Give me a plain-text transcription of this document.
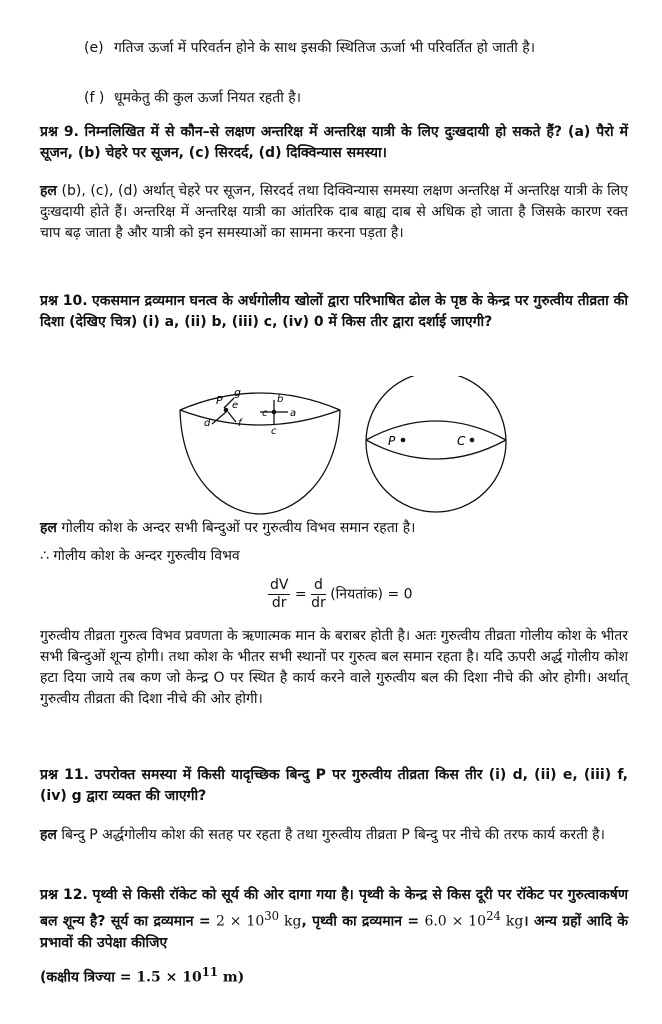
(e) गतिज ऊर्जा में परिवर्तन होने के साथ इसकी स्थितिज ऊर्जा भी परिवर्तित हो जाती है।
(f ) धूमकेतु की कुल ऊर्जा नियत रहती है।
प्रश्न 9. निम्नलिखित में से कौन–से लक्षण अन्तरिक्ष में अन्तरिक्ष यात्री के लिए दुःखदायी हो सकते हैं? (a) पैरो में सूजन, (b) चेहरे पर सूजन, (c) सिरदर्द, (d) दिक्विन्यास समस्या।
हल (b), (c), (d) अर्थात् चेहरे पर सूजन, सिरदर्द तथा दिक्विन्यास समस्या लक्षण अन्तरिक्ष में अन्तरिक्ष यात्री के लिए दुःखदायी होते हैं। अन्तरिक्ष में अन्तरिक्ष यात्री का आंतरिक दाब बाह्य दाब से अधिक हो जाता है जिसके कारण रक्त चाप बढ़ जाता है और यात्री को इन समस्याओं का सामना करना पड़ता है।
प्रश्न 10. एकसमान द्रव्यमान घनत्व के अर्धगोलीय खोलों द्वारा परिभाषित ढोल के पृष्ठ के केन्द्र पर गुरुत्वीय तीव्रता की दिशा (देखिए चित्र) (i) a, (ii) b, (iii) c, (iv) 0 में किस तीर द्वारा दर्शाई जाएगी?
P
g
e
f
d
c
b
a
c
P	C
हल गोलीय कोश के अन्दर सभी बिन्दुओं पर गुरुत्वीय विभव समान रहता है।
∴ गोलीय कोश के अन्दर गुरुत्वीय विभव
$\frac{dV}{dr} = \frac{d}{dr}$ (नियतांक) = 0
गुरुत्वीय तीव्रता गुरुत्व विभव प्रवणता के ऋणात्मक मान के बराबर होती है। अतः गुरुत्वीय तीव्रता गोलीय कोश के भीतर सभी बिन्दुओं शून्य होगी। तथा कोश के भीतर सभी स्थानों पर गुरुत्व बल समान रहता है। यदि ऊपरी अर्द्ध गोलीय कोश हटा दिया जाये तब कण जो केन्द्र O पर स्थित है कार्य करने वाले गुरुत्वीय बल की दिशा नीचे की ओर होगी। अर्थात् गुरुत्वीय तीव्रता की दिशा नीचे की ओर होगी।
प्रश्न 11. उपरोक्त समस्या में किसी यादृच्छिक बिन्दु P पर गुरुत्वीय तीव्रता किस तीर (i) d, (ii) e, (iii) f, (iv) g द्वारा व्यक्त की जाएगी?
हल बिन्दु P अर्द्धगोलीय कोश की सतह पर रहता है तथा गुरुत्वीय तीव्रता P बिन्दु पर नीचे की तरफ कार्य करती है।
प्रश्न 12. पृथ्वी से किसी रॉकेट को सूर्य की ओर दागा गया है। पृथ्वी के केन्द्र से किस दूरी पर रॉकेट पर गुरुत्वाकर्षण बल शून्य है? सूर्य का द्रव्यमान = $2 \times 10^{30}$ kg, पृथ्वी का द्रव्यमान = $6.0 \times 10^{24}$ kg। अन्य ग्रहों आदि के प्रभावों की उपेक्षा कीजिए
(कक्षीय त्रिज्या = $1.5 \times 10^{11}$ m)
